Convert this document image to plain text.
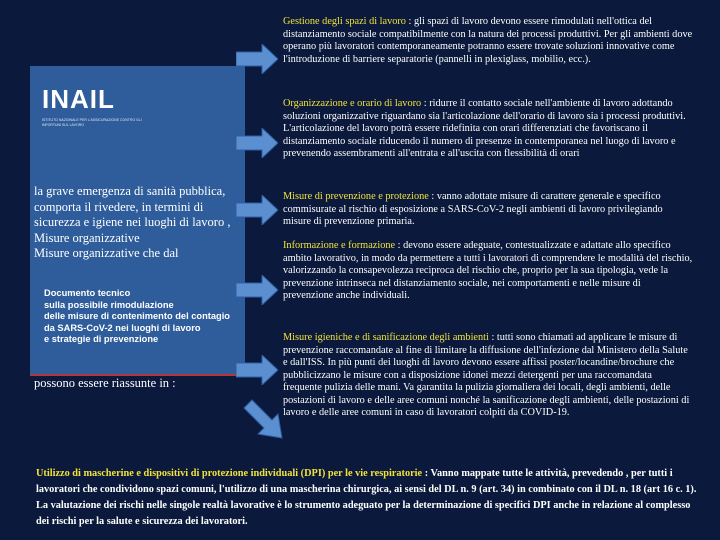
INAIL
ISTITUTO NAZIONALE PER L'ASSICURAZIONE CONTRO GLI INFORTUNI SUL LAVORO
la grave emergenza di sanità pubblica, comporta il rivedere, in termini di sicurezza e igiene nei luoghi di lavoro , Misure organizzative
Misure organizzative che dal
Documento tecnico
sulla possibile rimodulazione
delle misure di contenimento del contagio
da SARS-CoV-2 nei luoghi di lavoro
e strategie di prevenzione
possono essere riassunte in :
Gestione degli spazi di lavoro : gli spazi di lavoro devono essere rimodulati nell'ottica del distanziamento sociale compatibilmente con la natura dei processi produttivi. Per gli ambienti dove operano più lavoratori contemporaneamente potranno essere trovate soluzioni innovative come l'introduzione di barriere separatorie (pannelli in plexiglass, mobilio, ecc.).
Organizzazione e orario di lavoro : ridurre il contatto sociale nell'ambiente di lavoro adottando soluzioni organizzative riguardano sia l'articolazione dell'orario di lavoro sia i processi produttivi. L'articolazione del lavoro potrà essere ridefinita con orari differenziati che favoriscano il distanziamento sociale riducendo il numero di presenze in contemporanea nel luogo di lavoro e prevenendo assembramenti all'entrata e all'uscita con flessibilità di orari
Misure di prevenzione e protezione : vanno adottate misure di carattere generale e specifico commisurate al rischio di esposizione a SARS-CoV-2 negli ambienti di lavoro privilegiando misure di prevenzione primaria.
Informazione e formazione : devono essere adeguate, contestualizzate e adattate allo specifico ambito lavorativo, in modo da permettere a tutti i lavoratori di comprendere le modalità del rischio, valorizzando la consapevolezza reciproca del rischio che, proprio per la sua tipologia, vede la prevenzione intrinseca nel distanziamento sociale, nei comportamenti e nelle misure di prevenzione anche individuali.
Misure igieniche e di sanificazione degli ambienti : tutti sono chiamati ad applicare le misure di prevenzione raccomandate al fine di limitare la diffusione dell'infezione dal Ministero della Salute e dall'ISS. In più punti dei luoghi di lavoro devono essere affissi poster/locandine/brochure che pubblicizzano le misure con a disposizione idonei mezzi detergenti per una raccomandata frequente pulizia delle mani. Va garantita la pulizia giornaliera dei locali, degli ambienti, delle postazioni di lavoro e delle aree comuni nonché la sanificazione degli ambienti, delle postazioni di lavoro e delle aree comuni in caso di lavoratori colpiti da COVID-19.
Utilizzo di mascherine e dispositivi di protezione individuali (DPI) per le vie respiratorie : Vanno mappate tutte le attività, prevedendo , per tutti i lavoratori che condividono spazi comuni, l'utilizzo di una mascherina chirurgica, ai sensi del DL n. 9 (art. 34) in combinato con il DL n. 18 (art 16 c. 1). La valutazione dei rischi nelle singole realtà lavorative è lo strumento adeguato per la determinazione di specifici DPI anche in relazione al complesso dei rischi per la salute e sicurezza dei lavoratori.
